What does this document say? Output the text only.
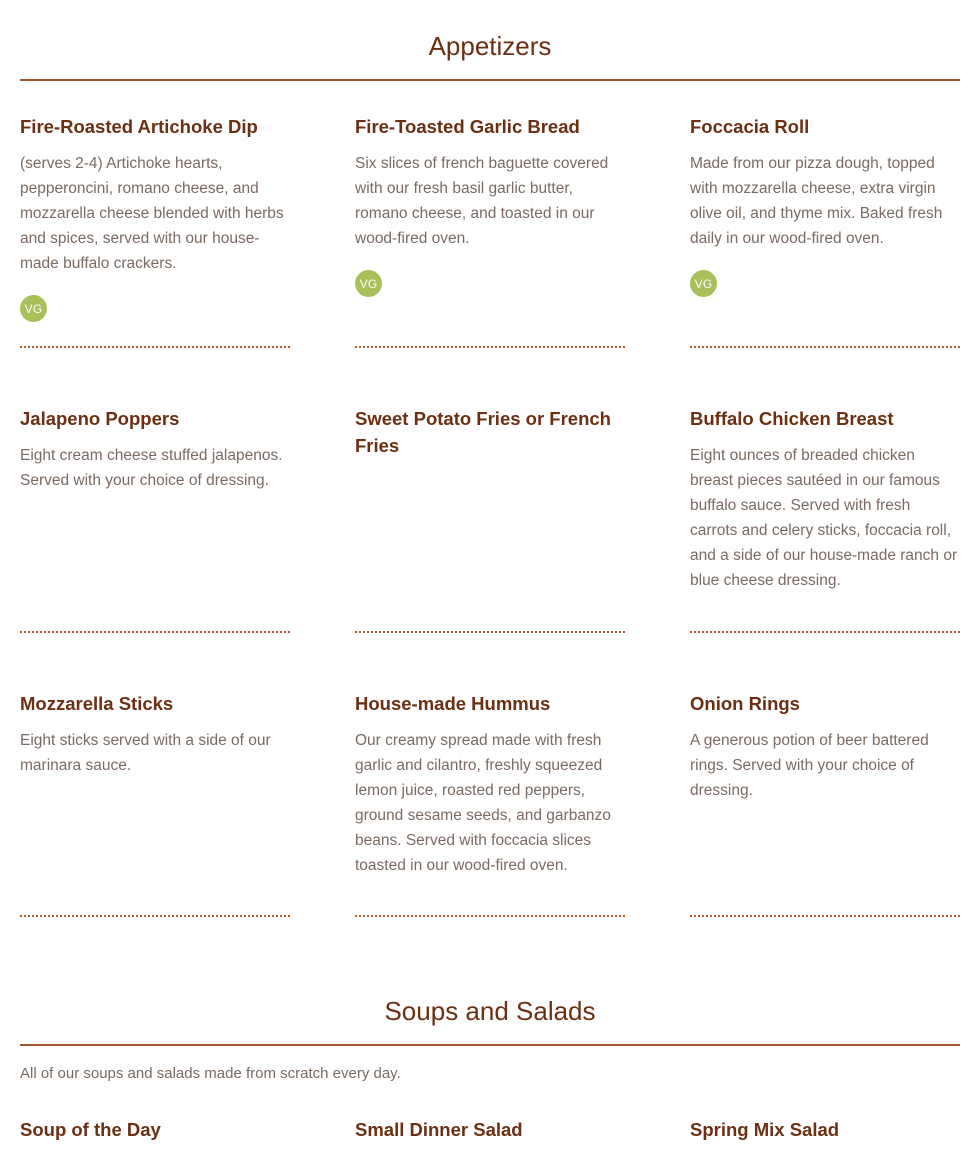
Appetizers
Fire-Roasted Artichoke Dip
(serves 2-4) Artichoke hearts, pepperoncini, romano cheese, and mozzarella cheese blended with herbs and spices, served with our house-made buffalo crackers.
VG
Fire-Toasted Garlic Bread
Six slices of french baguette covered with our fresh basil garlic butter, romano cheese, and toasted in our wood-fired oven.
VG
Foccacia Roll
Made from our pizza dough, topped with mozzarella cheese, extra virgin olive oil, and thyme mix. Baked fresh daily in our wood-fired oven.
VG
Jalapeno Poppers
Eight cream cheese stuffed jalapenos. Served with your choice of dressing.
Sweet Potato Fries or French Fries
Buffalo Chicken Breast
Eight ounces of breaded chicken breast pieces sautéed in our famous buffalo sauce. Served with fresh carrots and celery sticks, foccacia roll, and a side of our house-made ranch or blue cheese dressing.
Mozzarella Sticks
Eight sticks served with a side of our marinara sauce.
House-made Hummus
Our creamy spread made with fresh garlic and cilantro, freshly squeezed lemon juice, roasted red peppers, ground sesame seeds, and garbanzo beans. Served with foccacia slices toasted in our wood-fired oven.
Onion Rings
A generous potion of beer battered rings. Served with your choice of dressing.
Soups and Salads
All of our soups and salads made from scratch every day.
Soup of the Day	Small Dinner Salad	Spring Mix Salad
